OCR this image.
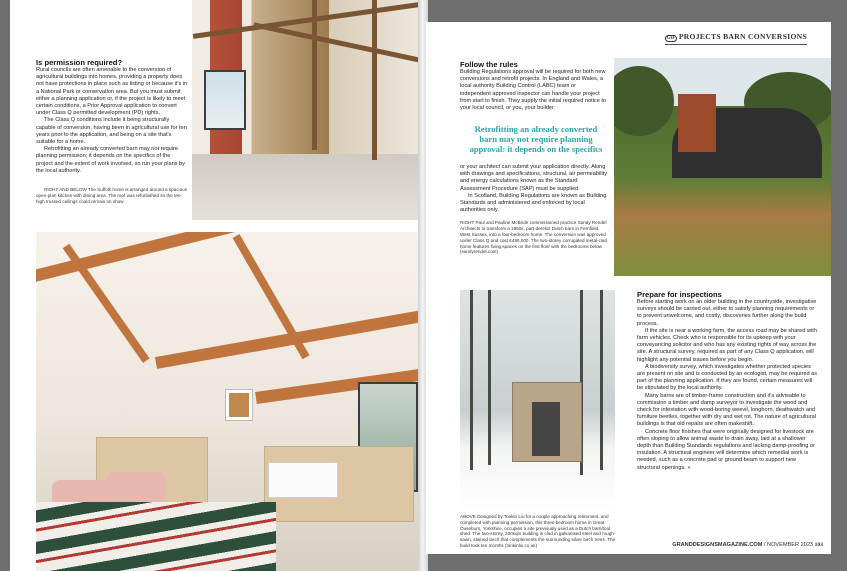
Is permission required?

Rural councils are often amenable to the conversion of agricultural buildings into homes, providing a property does not have protections in place such as listing or because it's in a National Park or conservation area. But you must submit either a planning application or, if the project is likely to meet certain conditions, a Prior Approval application to convert under Class Q permitted development (PD) rights.

The Class Q conditions include it being structurally capable of conversion, having been in agricultural use for ten years prior to the application, and being on a site that's suitable for a home.

Retrofitting an already converted barn may not require planning permission; it depends on the specifics of the project and the extent of work involved, so run your plans by the local authority.

RIGHT AND BELOW The Suffolk home is arranged around a spacious open-plan kitchen with dining area. The roof was refurbished so the ten-high trussed ceilings could remain on show

GD PROJECTS BARN CONVERSIONS
Follow the rules

Building Regulations approval will be required for both new conversions and retrofit projects. In England and Wales, a local authority Building Control (LABC) team or independent approved inspector can handle your project from start to finish. They supply the initial required notice to your local council, or you, your builder

Retrofitting an already converted barn may not require planning approval: it depends on the specifics

or your architect can submit your application directly. Along with drawings and specifications, structural, air permeability and energy calculations known as the Standard Assessment Procedure (SAP) must be supplied.

In Scotland, Building Regulations are known as Building Standards and administered and enforced by local authorities only.

RIGHT Paul and Pauline McBride commissioned practice Sandy Rendel Architects to transform a 1950s, part-derelict Dutch barn in Fernfield, West Sussex, into a four-bedroom home. The conversion was approved under Class Q and cost £496,000. The two-storey corrugated metal-clad home features living spaces on the first floor with the bedrooms below (sandyrendel.com)

ABOVE Designed by Tonkin Liu for a couple approaching retirement, and completed with planning permission, this three-bedroom home in Great Ouseburn, Yorkshire, occupies a site previously used as a Dutch barn/tool shed. The two-storey, 200sqm building is clad in galvanised steel and rough-sawn, stained larch that complements the surrounding silver birch trees. The build took ten months (tonkinliu.co.uk)
Prepare for inspections

Before starting work on an older building in the countryside, investigative surveys should be carried out, either to satisfy planning requirements or to prevent unwelcome, and costly, discoveries further along the build process.

If the site is near a working farm, the access road may be shared with farm vehicles. Check who is responsible for its upkeep with your conveyancing solicitor and who has any existing rights of way across the site. A structural survey, required as part of any Class Q application, will highlight any potential issues before you begin.

A biodiversity survey, which investigates whether protected species are present on site and is conducted by an ecologist, may be required as part of the planning application. If they are found, certain measures will be stipulated by the local authority.

Many barns are of timber-frame construction and it's advisable to commission a timber and damp surveyor to investigate the wood and check for infestation with wood-boring weevil, longhorn, deathwatch and furniture beetles, together with dry and wet rot. The nature of agricultural buildings is that old repairs are often makeshift.

Concrete floor finishes that were originally designed for livestock are often sloping to allow animal waste to drain away, laid at a shallower depth than Building Standards regulations and lacking damp-proofing or insulation. A structural engineer will determine which remedial work is needed, such as a concrete pad or ground beam to support new structural openings. »

GRANDDESIGNSMAGAZINE.COM / NOVEMBER 2023 103
